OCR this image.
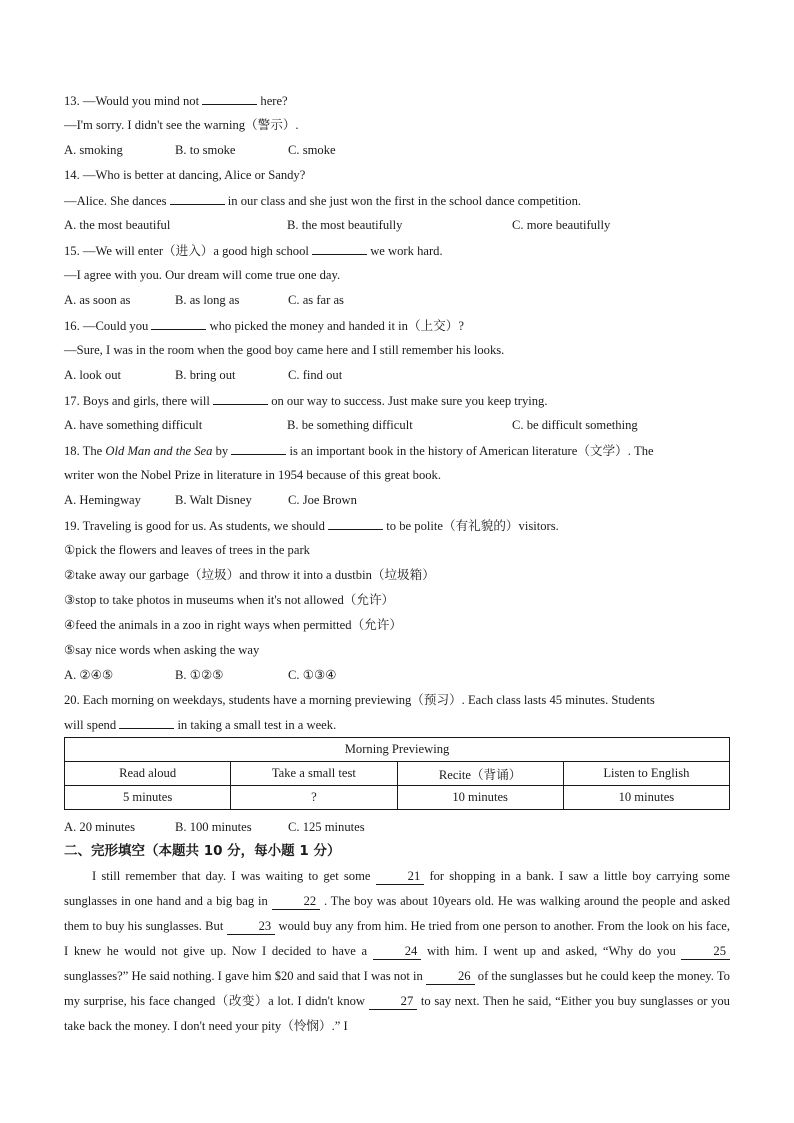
13. —Would you mind not	here?
—I'm sorry. I didn't see the warning（警示）.
A. smoking	B. to smoke	C. smoke
14. —Who is better at dancing, Alice or Sandy?
—Alice. She dances	in our class and she just won the first in the school dance competition.
A. the most beautiful	B. the most beautifully	C. more beautifully
15. —We will enter（进入）a good high school	we work hard.
—I agree with you. Our dream will come true one day.
A. as soon as	B. as long as	C. as far as
16. —Could you	who picked the money and handed it in（上交）?
—Sure, I was in the room when the good boy came here and I still remember his looks.
A. look out	B. bring out	C. find out
17. Boys and girls, there will	on our way to success. Just make sure you keep trying.
A. have something difficult	B. be something difficult	C. be difficult something
18. The Old Man and the Sea by	is an important book in the history of American literature（文学）. The
writer won the Nobel Prize in literature in 1954 because of this great book.
A. Hemingway	B. Walt Disney	C. Joe Brown
19. Traveling is good for us. As students, we should	to be polite（有礼貌的）visitors.
①pick the flowers and leaves of trees in the park
②take away our garbage（垃圾）and throw it into a dustbin（垃圾箱）
③stop to take photos in museums when it's not allowed（允许）
④feed the animals in a zoo in right ways when permitted（允许）
⑤say nice words when asking the way
A. ②④⑤	B. ①②⑤	C. ①③④
20. Each morning on weekdays, students have a morning previewing（预习）. Each class lasts 45 minutes. Students
will spend	in taking a small test in a week.
Morning Previewing			
Read aloud	Take a small test	Recite（背诵）	Listen to English
5 minutes	?	10 minutes	10 minutes
A. 20 minutes	B. 100 minutes	C. 125 minutes
二、完形填空（本题共 10 分，每小题 1 分）
I still remember that day. I was waiting to get some	21 for shopping in a bank. I saw a little boy carrying some sunglasses in one hand and a big bag in	22 . The boy was about 10years old. He was walking around the people and asked them to buy his sunglasses. But	23 would buy any from him. He tried from one person to another. From the look on his face, I knew he would not give up. Now I decided to have a	24 with him. I went up and asked, “Why do you	25 sunglasses?” He said nothing. I gave him $20 and said that I was not in	26 of the sunglasses but he could keep the money. To my surprise, his face changed（改变）a lot. I didn't know	27 to say next. Then he said, “Either you buy sunglasses or you take back the money. I don't need your pity（怜悯）.” I
